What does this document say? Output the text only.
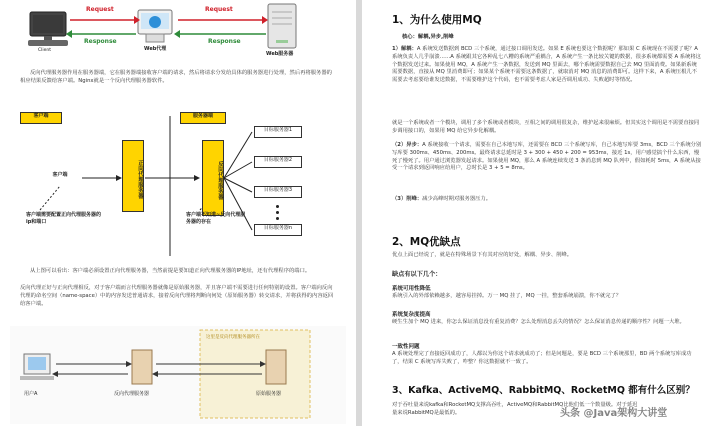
Request	Request
Response	Response
Client	Web代理
Web服务器

反向代理服务器作用在服务器端，它在服务器端接收客户端的请求，然后将请求分发给具体的服务器进行处理，然后再将服务器的相应结果反馈给客户端。Nginx就是一个反向代理服务器软件。

客户端	服务器端
客户端	正向代理服务器	反向代理服务器
目标服务器1
目标服务器2
目标服务器3
目标服务器n
客户端需要配置正向代理服务器的ip和端口
客户端不知道~反向代理服务器的存在

从上图可以看出：客户端必须设置正向代理服务器，当然前提是要知道正向代理服务器的IP地址，还有代理程序的端口。

反向代理正好与正向代理相反，对于客户端而言代理服务器就像是原始服务器，并且客户端不需要进行任何特别的设置。客户端向反向代理的命名空间（name-space）中的内容发送普通请求，接着反向代理将判断向何处（原始服务器）转交请求，并将获得的内容返回给客户端。

用户A	反向代理服务器	原始服务器
这里是反向代理服务器所在
1、为什么使用MQ
核心：解耦,异步,削峰

1）解耦：A 系统发送数据到 BCD 三个系统，通过接口调用发送。如果 E 系统也要这个数据呢？那如果 C 系统现在不需要了呢？A 系统负责人几乎崩溃……A 系统跟其它各种乱七八糟的系统严重耦合，A 系统产生一条比较关键的数据，很多系统都需要 A 系统将这个数据发送过来。如果使用 MQ，A 系统产生一条数据，发送到 MQ 里面去，哪个系统需要数据自己去 MQ 里面消费。如果新系统需要数据，直接从 MQ 里消费即可；如果某个系统不需要这条数据了，就取消对 MQ 消息的消费即可。这样下来，A 系统压根儿不需要去考虑要给谁发送数据，不需要维护这个代码，也不需要考虑人家是否调用成功、失败超时等情况。

就是一个系统或者一个模块，调用了多个系统或者模块，互相之间的调用很复杂，维护起来很麻烦。但其实这个调用是不需要直接同步调用接口的，如果用 MQ 给它异步化解耦。

（2）异步：A 系统接收一个请求，需要在自己本地写库，还需要在 BCD 三个系统写库，自己本地写库要 3ms，BCD 三个系统分别写库要 300ms、450ms、200ms。最终请求总延时是 3 + 300 + 450 + 200 = 953ms，接近 1s，用户感觉搞个什么东西，慢死了慢死了。用户通过浏览器发起请求。如果使用 MQ，那么 A 系统连续发送 3 条消息到 MQ 队列中，假如耗时 5ms，A 系统从接受一个请求到返回响应给用户，总时长是 3 + 5 = 8ms。

（3）削峰：减少高峰时期对服务器压力。

2、MQ优缺点

优点上面已经说了，就是在特殊场景下有其对应的好处，解耦、异步、削峰。

缺点有以下几个：

系统可用性降低

系统引入的外部依赖越多，越容易挂掉。万一 MQ 挂了，MQ 一挂，整套系统崩溃，你不就完了？

系统复杂度提高

硬生生加个 MQ 进来，你怎么保证消息没有重复消费？怎么处理消息丢失的情况？怎么保证消息传递的顺序性？问题一大堆。

一致性问题

A 系统处理完了直接返回成功了，人都以为你这个请求就成功了；但是问题是，要是 BCD 三个系统那里，BD 两个系统写库成功了，结果 C 系统写库失败了，咋整？你这数据就不一致了。

3、Kafka、ActiveMQ、RabbitMQ、RocketMQ 都有什么区别？

对于吞吐量来说kafka和RocketMQ支撑高吞吐，ActiveMQ和RabbitMQ比他们低一个数量级。对于延迟量来说RabbitMQ是最低的。	头条 @Java架构大讲堂
